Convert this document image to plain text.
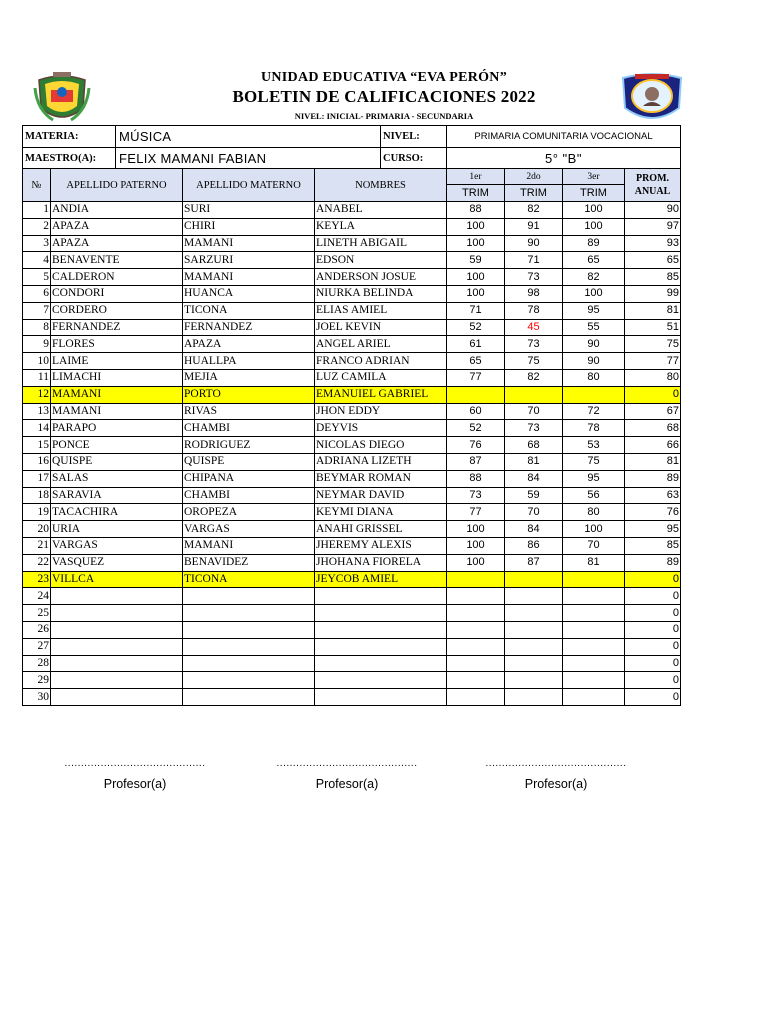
UNIDAD EDUCATIVA “EVA PERÓN”
BOLETIN DE CALIFICACIONES 2022
NIVEL: INICIAL- PRIMARIA - SECUNDARIA
MATERIA:	MÚSICA	NIVEL:	PRIMARIA COMUNITARIA VOCACIONAL
MAESTRO(A):	FELIX MAMANI FABIAN	CURSO:	5° "B"
№	APELLIDO PATERNO	APELLIDO MATERNO	NOMBRES	1er	2do	3er	PROM. ANUAL
				TRIM	TRIM	TRIM	
1	ANDIA	SURI	ANABEL	88	82	100	90
2	APAZA	CHIRI	KEYLA	100	91	100	97
3	APAZA	MAMANI	LINETH ABIGAIL	100	90	89	93
4	BENAVENTE	SARZURI	EDSON	59	71	65	65
5	CALDERON	MAMANI	ANDERSON JOSUE	100	73	82	85
6	CONDORI	HUANCA	NIURKA BELINDA	100	98	100	99
7	CORDERO	TICONA	ELIAS AMIEL	71	78	95	81
8	FERNANDEZ	FERNANDEZ	JOEL KEVIN	52	45	55	51
9	FLORES	APAZA	ANGEL ARIEL	61	73	90	75
10	LAIME	HUALLPA	FRANCO ADRIAN	65	75	90	77
11	LIMACHI	MEJIA	LUZ CAMILA	77	82	80	80
12	MAMANI	PORTO	EMANUIEL GABRIEL				0
13	MAMANI	RIVAS	JHON EDDY	60	70	72	67
14	PARAPO	CHAMBI	DEYVIS	52	73	78	68
15	PONCE	RODRIGUEZ	NICOLAS DIEGO	76	68	53	66
16	QUISPE	QUISPE	ADRIANA LIZETH	87	81	75	81
17	SALAS	CHIPANA	BEYMAR ROMAN	88	84	95	89
18	SARAVIA	CHAMBI	NEYMAR DAVID	73	59	56	63
19	TACACHIRA	OROPEZA	KEYMI DIANA	77	70	80	76
20	URIA	VARGAS	ANAHI GRISSEL	100	84	100	95
21	VARGAS	MAMANI	JHEREMY ALEXIS	100	86	70	85
22	VASQUEZ	BENAVIDEZ	JHOHANA FIORELA	100	87	81	89
23	VILLCA	TICONA	JEYCOB AMIEL				0
24							0
25							0
26							0
27							0
28							0
29							0
30							0
...........................................
Profesor(a)
...........................................
Profesor(a)
...........................................
Profesor(a)
